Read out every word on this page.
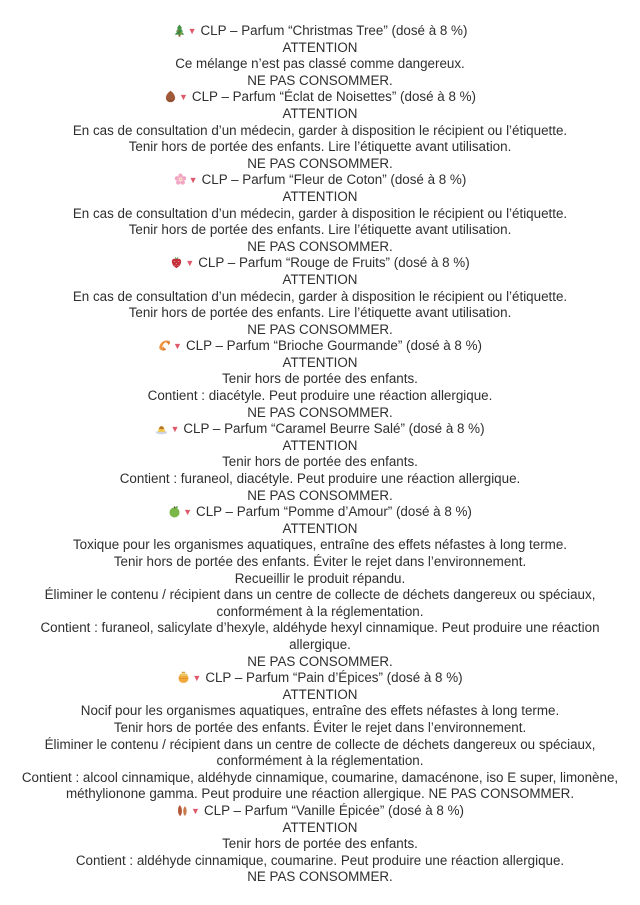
▼ CLP – Parfum “Christmas Tree” (dosé à 8 %)

ATTENTION

Ce mélange n’est pas classé comme dangereux.

NE PAS CONSOMMER.

▼ CLP – Parfum “Éclat de Noisettes” (dosé à 8 %)

ATTENTION

En cas de consultation d’un médecin, garder à disposition le récipient ou l’étiquette.

Tenir hors de portée des enfants. Lire l’étiquette avant utilisation.

NE PAS CONSOMMER.

▼ CLP – Parfum “Fleur de Coton” (dosé à 8 %)

ATTENTION

En cas de consultation d’un médecin, garder à disposition le récipient ou l’étiquette.

Tenir hors de portée des enfants. Lire l’étiquette avant utilisation.

NE PAS CONSOMMER.

▼ CLP – Parfum “Rouge de Fruits” (dosé à 8 %)

ATTENTION

En cas de consultation d’un médecin, garder à disposition le récipient ou l’étiquette.

Tenir hors de portée des enfants. Lire l’étiquette avant utilisation.

NE PAS CONSOMMER.

▼ CLP – Parfum “Brioche Gourmande” (dosé à 8 %)

ATTENTION

Tenir hors de portée des enfants.

Contient : diacétyle. Peut produire une réaction allergique.

NE PAS CONSOMMER.

▼ CLP – Parfum “Caramel Beurre Salé” (dosé à 8 %)

ATTENTION

Tenir hors de portée des enfants.

Contient : furaneol, diacétyle. Peut produire une réaction allergique.

NE PAS CONSOMMER.

▼ CLP – Parfum “Pomme d’Amour” (dosé à 8 %)

ATTENTION

Toxique pour les organismes aquatiques, entraîne des effets néfastes à long terme.

Tenir hors de portée des enfants. Éviter le rejet dans l’environnement.

Recueillir le produit répandu.

Éliminer le contenu / récipient dans un centre de collecte de déchets dangereux ou spéciaux, conformément à la réglementation.

Contient : furaneol, salicylate d’hexyle, aldéhyde hexyl cinnamique. Peut produire une réaction allergique.

NE PAS CONSOMMER.

▼ CLP – Parfum “Pain d’Épices” (dosé à 8 %)

ATTENTION

Nocif pour les organismes aquatiques, entraîne des effets néfastes à long terme.

Tenir hors de portée des enfants. Éviter le rejet dans l’environnement.

Éliminer le contenu / récipient dans un centre de collecte de déchets dangereux ou spéciaux, conformément à la réglementation.

Contient : alcool cinnamique, aldéhyde cinnamique, coumarine, damacénone, iso E super, limonène, méthylionone gamma. Peut produire une réaction allergique. NE PAS CONSOMMER.

▼ CLP – Parfum “Vanille Épicée” (dosé à 8 %)

ATTENTION

Tenir hors de portée des enfants.

Contient : aldéhyde cinnamique, coumarine. Peut produire une réaction allergique.

NE PAS CONSOMMER.
